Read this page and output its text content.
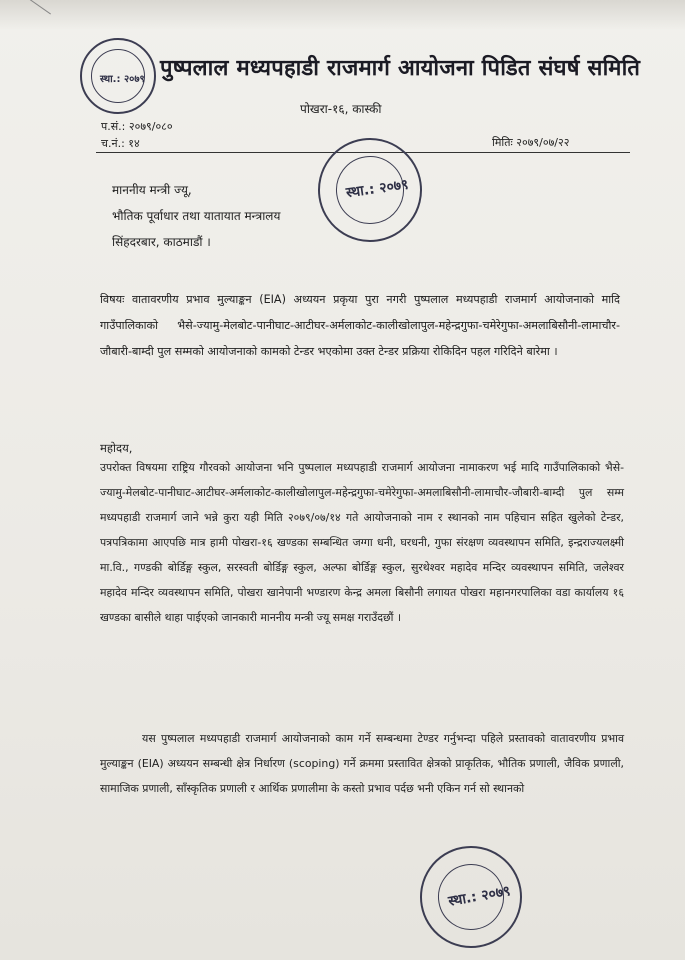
स्था.: २०७९ पुष्पलाल मध्यपहाडी राजमार्ग आयोजना पिडित संघर्ष समिति
पोखरा-१६, कास्की
प.सं.: २०७९/०८०
च.नं.: १४	मितिः २०७९/०७/२२
स्था.: २०७९
माननीय मन्त्री ज्यू,
भौतिक पूर्वाधार तथा यातायात मन्त्रालय
सिंहदरबार, काठमाडौं ।
विषयः वातावरणीय प्रभाव मुल्याङ्कन (EIA) अध्ययन प्रकृया पुरा नगरी पुष्पलाल मध्यपहाडी राजमार्ग आयोजनाको मादि गाउँपालिकाको भैसे-ज्यामु-मेलबोट-पानीघाट-आटीघर-अर्मलाकोट-कालीखोलापुल-महेन्द्रगुफा-चमेरेगुफा-अमलाबिसौनी-लामाचौर-जौबारी-बाम्दी पुल सम्मको आयोजनाको कामको टेन्डर भएकोमा उक्त टेन्डर प्रक्रिया रोकिदिन पहल गरिदिने बारेमा ।
महोदय,
उपरोक्त विषयमा राष्ट्रिय गौरवको आयोजना भनि पुष्पलाल मध्यपहाडी राजमार्ग आयोजना नामाकरण भई मादि गाउँपालिकाको भैसे-ज्यामु-मेलबोट-पानीघाट-आटीघर-अर्मलाकोट-कालीखोलापुल-महेन्द्रगुफा-चमेरेगुफा-अमलाबिसौनी-लामाचौर-जौबारी-बाम्दी पुल सम्म मध्यपहाडी राजमार्ग जाने भन्ने कुरा यही मिति २०७९/०७/१४ गते आयोजनाको नाम र स्थानको नाम पहिचान सहित खुलेको टेन्डर, पत्रपत्रिकामा आएपछि मात्र हामी पोखरा-१६ खण्डका सम्बन्धित जग्गा धनी, घरधनी, गुफा संरक्षण व्यवस्थापन समिति, इन्द्रराज्यलक्ष्मी मा.वि., गण्डकी बोर्डिङ्ग स्कुल, सरस्वती बोर्डिङ्ग स्कुल, अल्फा बोर्डिङ्ग स्कुल, सुरथेश्वर महादेव मन्दिर व्यवस्थापन समिति, जलेश्वर महादेव मन्दिर व्यवस्थापन समिति, पोखरा खानेपानी भण्डारण केन्द्र अमला बिसौनी लगायत पोखरा महानगरपालिका वडा कार्यालय १६ खण्डका बासीले थाहा पाईएको जानकारी माननीय मन्त्री ज्यू समक्ष गराउँदछौं ।
यस पुष्पलाल मध्यपहाडी राजमार्ग आयोजनाको काम गर्ने सम्बन्धमा टेण्डर गर्नुभन्दा पहिले प्रस्तावको वातावरणीय प्रभाव मुल्याङ्कन (EIA) अध्ययन सम्बन्धी क्षेत्र निर्धारण (scoping) गर्ने क्रममा प्रस्तावित क्षेत्रको प्राकृतिक, भौतिक प्रणाली, जैविक प्रणाली, सामाजिक प्रणाली, साँस्कृतिक प्रणाली र आर्थिक प्रणालीमा के कस्तो प्रभाव पर्दछ भनी एकिन गर्न सो स्थानको
स्था.: २०७९
